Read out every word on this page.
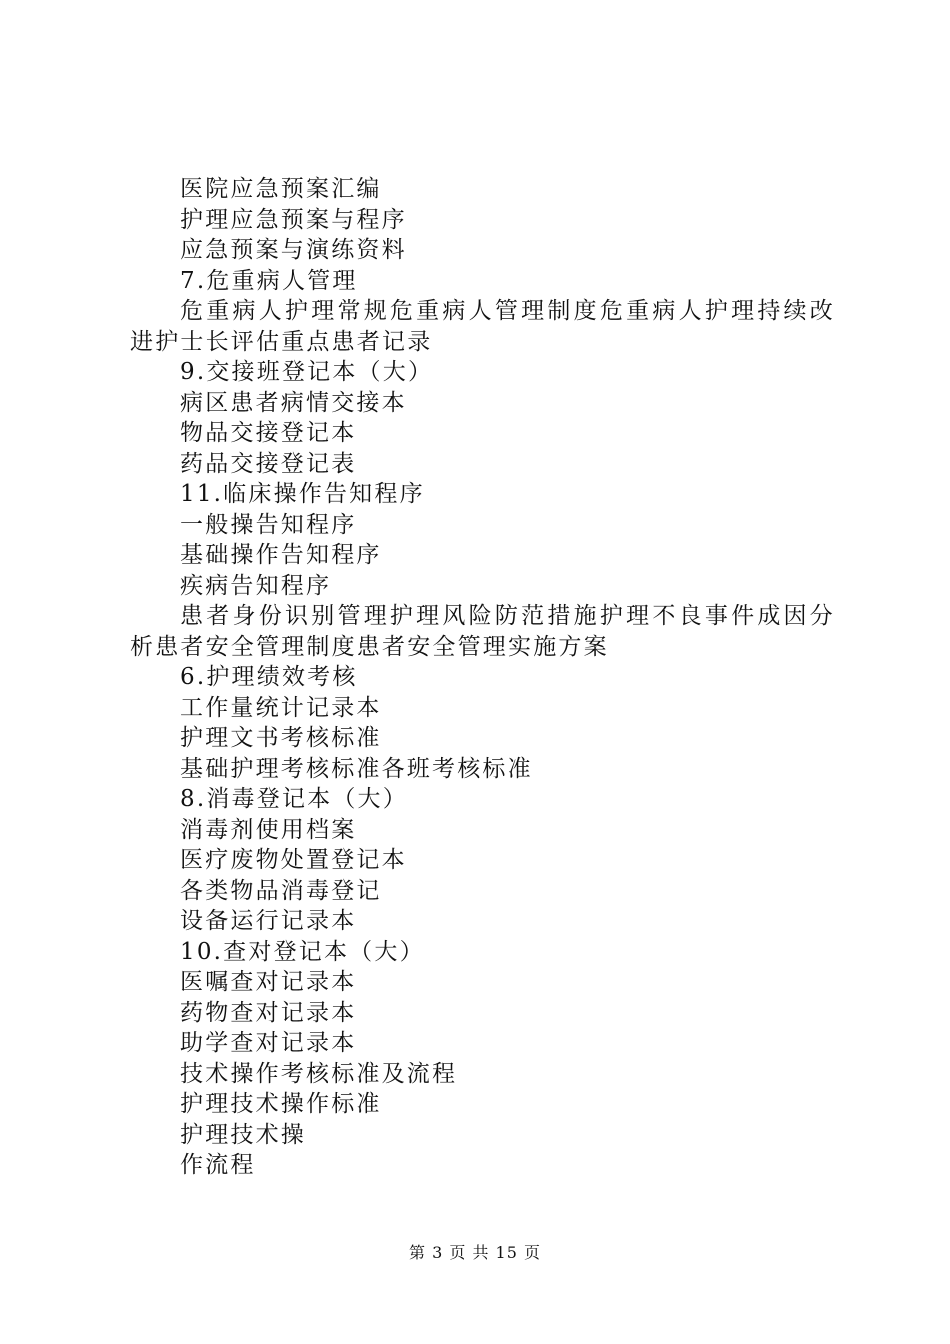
医院应急预案汇编
护理应急预案与程序
应急预案与演练资料
7.危重病人管理
危重病人护理常规危重病人管理制度危重病人护理持续改进护士长评估重点患者记录
9.交接班登记本（大）
病区患者病情交接本
物品交接登记本
药品交接登记表
11.临床操作告知程序
一般操告知程序
基础操作告知程序
疾病告知程序
患者身份识别管理护理风险防范措施护理不良事件成因分析患者安全管理制度患者安全管理实施方案
6.护理绩效考核
工作量统计记录本
护理文书考核标准
基础护理考核标准各班考核标准
8.消毒登记本（大）
消毒剂使用档案
医疗废物处置登记本
各类物品消毒登记
设备运行记录本
10.查对登记本（大）
医嘱查对记录本
药物查对记录本
助学查对记录本
技术操作考核标准及流程
护理技术操作标准
护理技术操
作流程
第 3 页 共 15 页
